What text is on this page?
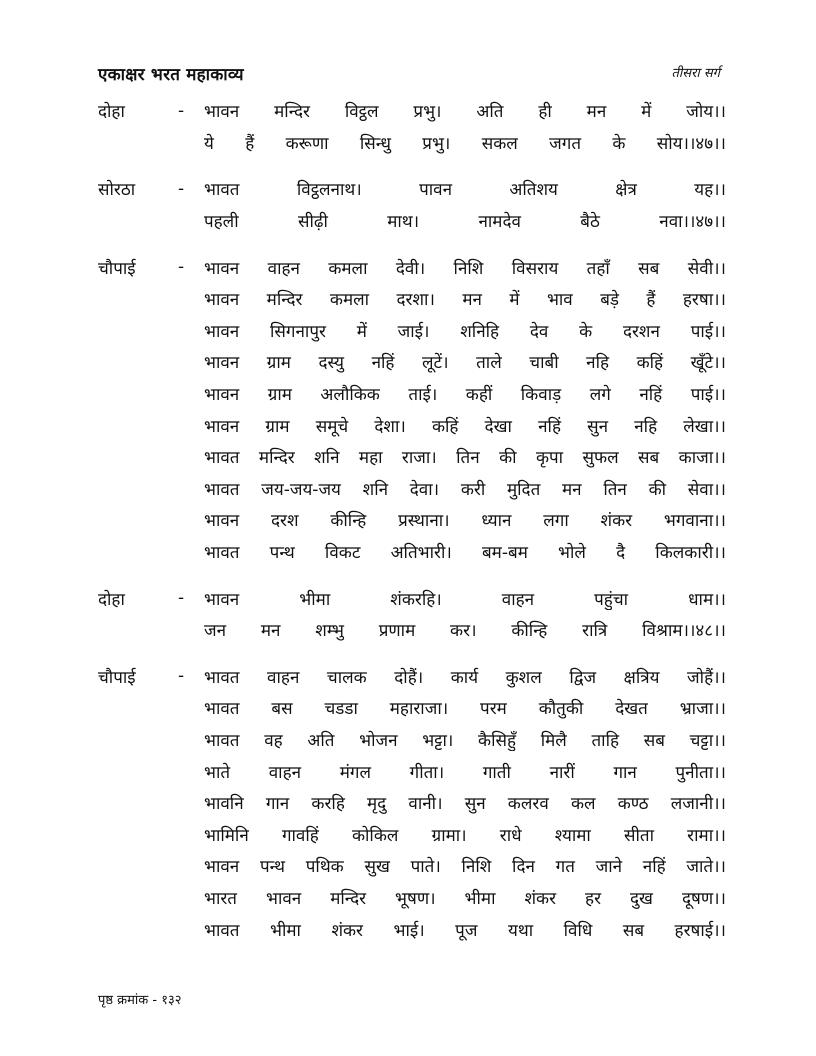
एकाक्षर भरत महाकाव्य	तीसरा सर्ग
दोहा	-	भावन मन्दिर विट्ठल प्रभु। अति ही मन में जोय।।
ये हैं करूणा सिन्धु प्रभु। सकल जगत के सोय।।४७।।
सोरठा	-	भावत विट्ठलनाथ। पावन अतिशय क्षेत्र यह।।
पहली सीढ़ी माथ। नामदेव बैठे नवा।।४७।।
चौपाई	-	भावन वाहन कमला देवी। निशि विसराय तहाँ सब सेवी।।
भावन मन्दिर कमला दरशा। मन में भाव बड़े हैं हरषा।।
भावन सिगनापुर में जाई। शनिहि देव के दरशन पाई।।
भावन ग्राम दस्यु नहिं लूटें। ताले चाबी नहि कहिं खूँटे।।
भावन ग्राम अलौकिक ताई। कहीं किवाड़ लगे नहिं पाई।।
भावन ग्राम समूचे देशा। कहिं देखा नहिं सुन नहि लेखा।।
भावत मन्दिर शनि महा राजा। तिन की कृपा सुफल सब काजा।।
भावत जय-जय-जय शनि देवा। करी मुदित मन तिन की सेवा।।
भावन दरश कीन्हि प्रस्थाना। ध्यान लगा शंकर भगवाना।।
भावत पन्थ विकट अतिभारी। बम-बम भोले दै किलकारी।।
दोहा	-	भावन भीमा शंकरहि। वाहन पहुंचा धाम।।
जन मन शम्भु प्रणाम कर। कीन्हि रात्रि विश्राम।।४८।।
चौपाई	-	भावत वाहन चालक दोहैं। कार्य कुशल द्विज क्षत्रिय जोहैं।।
भावत बस चडडा महाराजा। परम कौतुकी देखत भ्राजा।।
भावत वह अति भोजन भट्टा। कैसिहुँ मिलै ताहि सब चट्टा।।
भाते वाहन मंगल गीता। गाती नारीं गान पुनीता।।
भावनि गान करहि मृदु वानी। सुन कलरव कल कण्ठ लजानी।।
भामिनि गावहिं कोकिल ग्रामा। राधे श्यामा सीता रामा।।
भावन पन्थ पथिक सुख पाते। निशि दिन गत जाने नहिं जाते।।
भारत भावन मन्दिर भूषण। भीमा शंकर हर दुख दूषण।।
भावत भीमा शंकर भाई। पूज यथा विधि सब हरषाई।।
पृष्ठ क्रमांक - १३२
